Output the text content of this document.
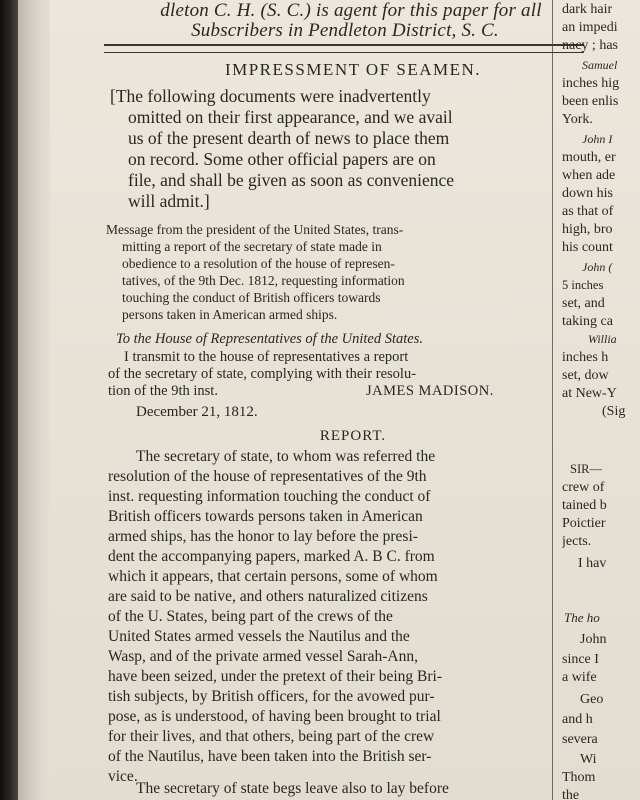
dleton C. H. (S. C.) is agent for this paper for all
Subscribers in Pendleton District, S. C.
IMPRESSMENT OF SEAMEN.
[The following documents were inadvertently
omitted on their first appearance, and we avail
us of the present dearth of news to place them
on record. Some other official papers are on
file, and shall be given as soon as convenience
will admit.]
Message from the president of the United States, trans-
mitting a report of the secretary of state made in
obedience to a resolution of the house of represen-
tatives, of the 9th Dec. 1812, requesting information
touching the conduct of British officers towards
persons taken in American armed ships.
To the House of Representatives of the United States.
I transmit to the house of representatives a report
of the secretary of state, complying with their resolu-
tion of the 9th inst.	JAMES MADISON.
December 21, 1812.
REPORT.
The secretary of state, to whom was referred the
resolution of the house of representatives of the 9th
inst. requesting information touching the conduct of
British officers towards persons taken in American
armed ships, has the honor to lay before the presi-
dent the accompanying papers, marked A. B C. from
which it appears, that certain persons, some of whom
are said to be native, and others naturalized citizens
of the U. States, being part of the crews of the
United States armed vessels the Nautilus and the
Wasp, and of the private armed vessel Sarah-Ann,
have been seized, under the pretext of their being Bri-
tish subjects, by British officers, for the avowed pur-
pose, as is understood, of having been brought to trial
for their lives, and that others, being part of the crew
of the Nautilus, have been taken into the British ser-
vice.
The secretary of state begs leave also to lay before
dark hair
an impedi
nacy ; has
Samuel
inches hig
been enlis
York.
John I
mouth, er
when ade
down his
as that of
high, bro
his count
John (
5 inches
set, and
taking ca
Willia
inches h
set, dow
at New-Y
(Sig
SIR—
crew of
tained b
Poictier
jects.
I hav
The ho
John
since I
a wife
Geo
and h
severa
Wi
Thom
the
